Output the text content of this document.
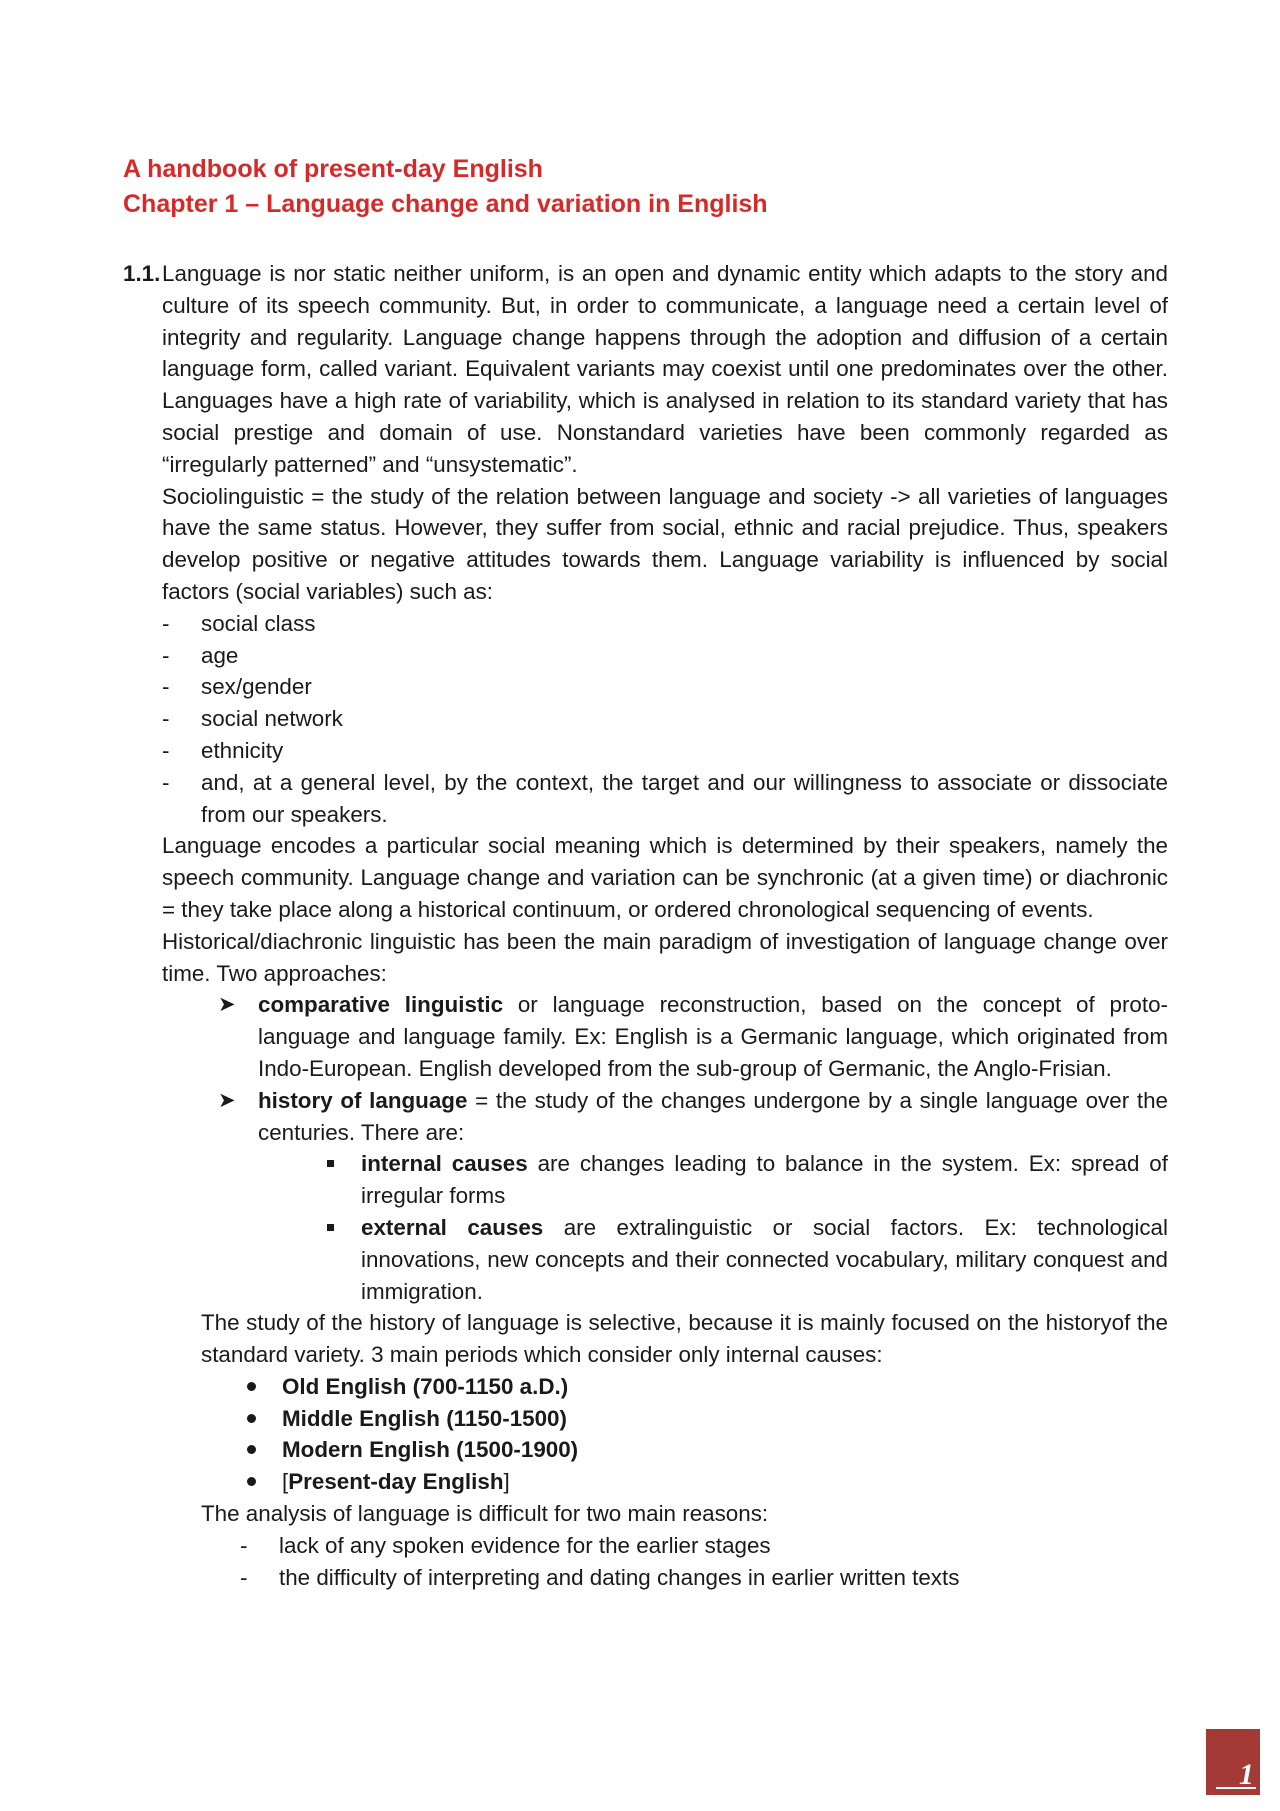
A handbook of present-day English

Chapter 1 – Language change and variation in English

1.1. Language is nor static neither uniform, is an open and dynamic entity which adapts to the story and culture of its speech community. But, in order to communicate, a language need a certain level of integrity and regularity. Language change happens through the adoption and diffusion of a certain language form, called variant. Equivalent variants may coexist until one predominates over the other. Languages have a high rate of variability, which is analysed in relation to its standard variety that has social prestige and domain of use. Nonstandard varieties have been commonly regarded as “irregularly patterned” and “unsystematic”.

Sociolinguistic = the study of the relation between language and society -> all varieties of languages have the same status. However, they suffer from social, ethnic and racial prejudice. Thus, speakers develop positive or negative attitudes towards them. Language variability is influenced by social factors (social variables) such as:

- social class
- age
- sex/gender
- social network
- ethnicity
- and, at a general level, by the context, the target and our willingness to associate or dissociate from our speakers.

Language encodes a particular social meaning which is determined by their speakers, namely the speech community. Language change and variation can be synchronic (at a given time) or diachronic = they take place along a historical continuum, or ordered chronological sequencing of events.

Historical/diachronic linguistic has been the main paradigm of investigation of language change over time. Two approaches:

➤ comparative linguistic or language reconstruction, based on the concept of proto-language and language family. Ex: English is a Germanic language, which originated from Indo-European. English developed from the sub-group of Germanic, the Anglo-Frisian.
➤ history of language = the study of the changes undergone by a single language over the centuries. There are:
internal causes are changes leading to balance in the system. Ex: spread of irregular forms
external causes are extralinguistic or social factors. Ex: technological innovations, new concepts and their connected vocabulary, military conquest and immigration.

The study of the history of language is selective, because it is mainly focused on the historyof the standard variety. 3 main periods which consider only internal causes:

Old English (700-1150 a.D.)
Middle English (1150-1500)
Modern English (1500-1900)
[Present-day English]

The analysis of language is difficult for two main reasons:

- lack of any spoken evidence for the earlier stages
- the difficulty of interpreting and dating changes in earlier written texts
1
